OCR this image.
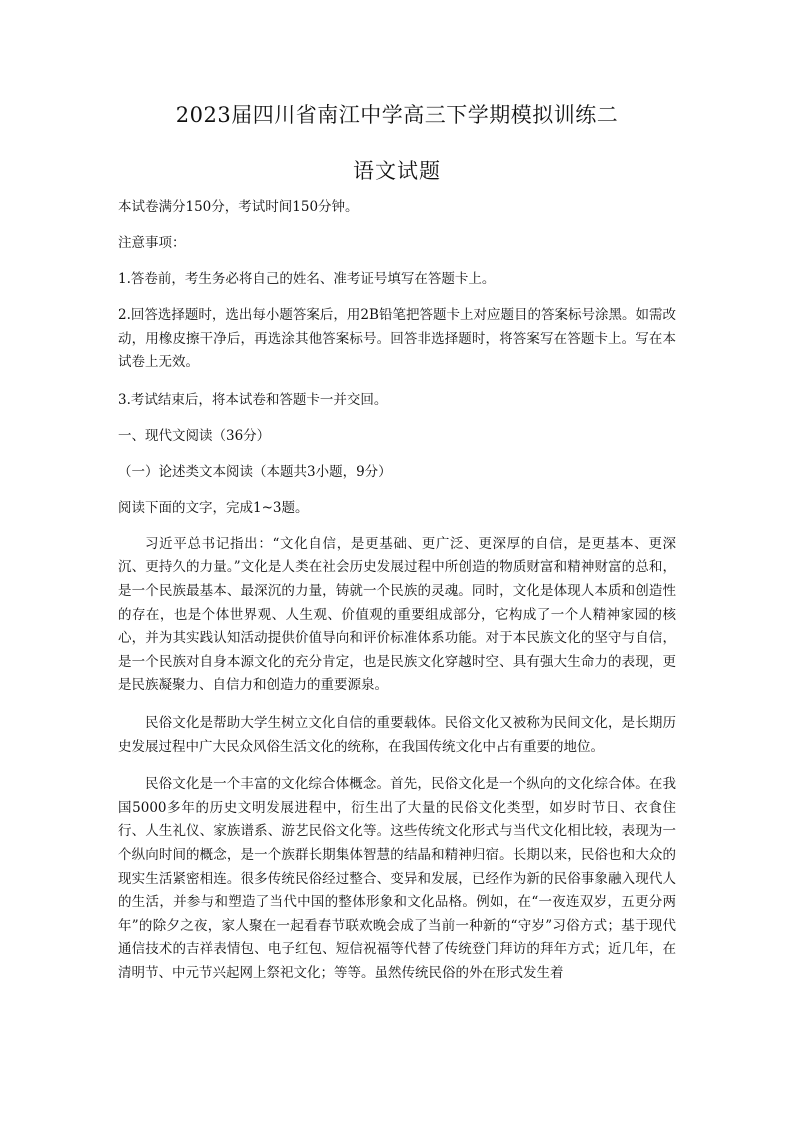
2023届四川省南江中学高三下学期模拟训练二
语文试题

本试卷满分150分，考试时间150分钟。

注意事项：

1.答卷前，考生务必将自己的姓名、准考证号填写在答题卡上。

2.回答选择题时，选出每小题答案后，用2B铅笔把答题卡上对应题目的答案标号涂黑。如需改动，用橡皮擦干净后，再选涂其他答案标号。回答非选择题时，将答案写在答题卡上。写在本试卷上无效。

3.考试结束后，将本试卷和答题卡一并交回。

一、现代文阅读（36分）

（一）论述类文本阅读（本题共3小题，9分）

阅读下面的文字，完成1~3题。

习近平总书记指出：“文化自信，是更基础、更广泛、更深厚的自信，是更基本、更深沉、更持久的力量。”文化是人类在社会历史发展过程中所创造的物质财富和精神财富的总和，是一个民族最基本、最深沉的力量，铸就一个民族的灵魂。同时，文化是体现人本质和创造性的存在，也是个体世界观、人生观、价值观的重要组成部分，它构成了一个人精神家园的核心，并为其实践认知活动提供价值导向和评价标准体系功能。对于本民族文化的坚守与自信，是一个民族对自身本源文化的充分肯定，也是民族文化穿越时空、具有强大生命力的表现，更是民族凝聚力、自信力和创造力的重要源泉。

民俗文化是帮助大学生树立文化自信的重要载体。民俗文化又被称为民间文化，是长期历史发展过程中广大民众风俗生活文化的统称，在我国传统文化中占有重要的地位。

民俗文化是一个丰富的文化综合体概念。首先，民俗文化是一个纵向的文化综合体。在我国5000多年的历史文明发展进程中，衍生出了大量的民俗文化类型，如岁时节日、衣食住行、人生礼仪、家族谱系、游艺民俗文化等。这些传统文化形式与当代文化相比较，表现为一个纵向时间的概念，是一个族群长期集体智慧的结晶和精神归宿。长期以来，民俗也和大众的现实生活紧密相连。很多传统民俗经过整合、变异和发展，已经作为新的民俗事象融入现代人的生活，并参与和塑造了当代中国的整体形象和文化品格。例如，在“一夜连双岁，五更分两年”的除夕之夜，家人聚在一起看春节联欢晚会成了当前一种新的“守岁”习俗方式；基于现代通信技术的吉祥表情包、电子红包、短信祝福等代替了传统登门拜访的拜年方式；近几年，在清明节、中元节兴起网上祭祀文化；等等。虽然传统民俗的外在形式发生着
